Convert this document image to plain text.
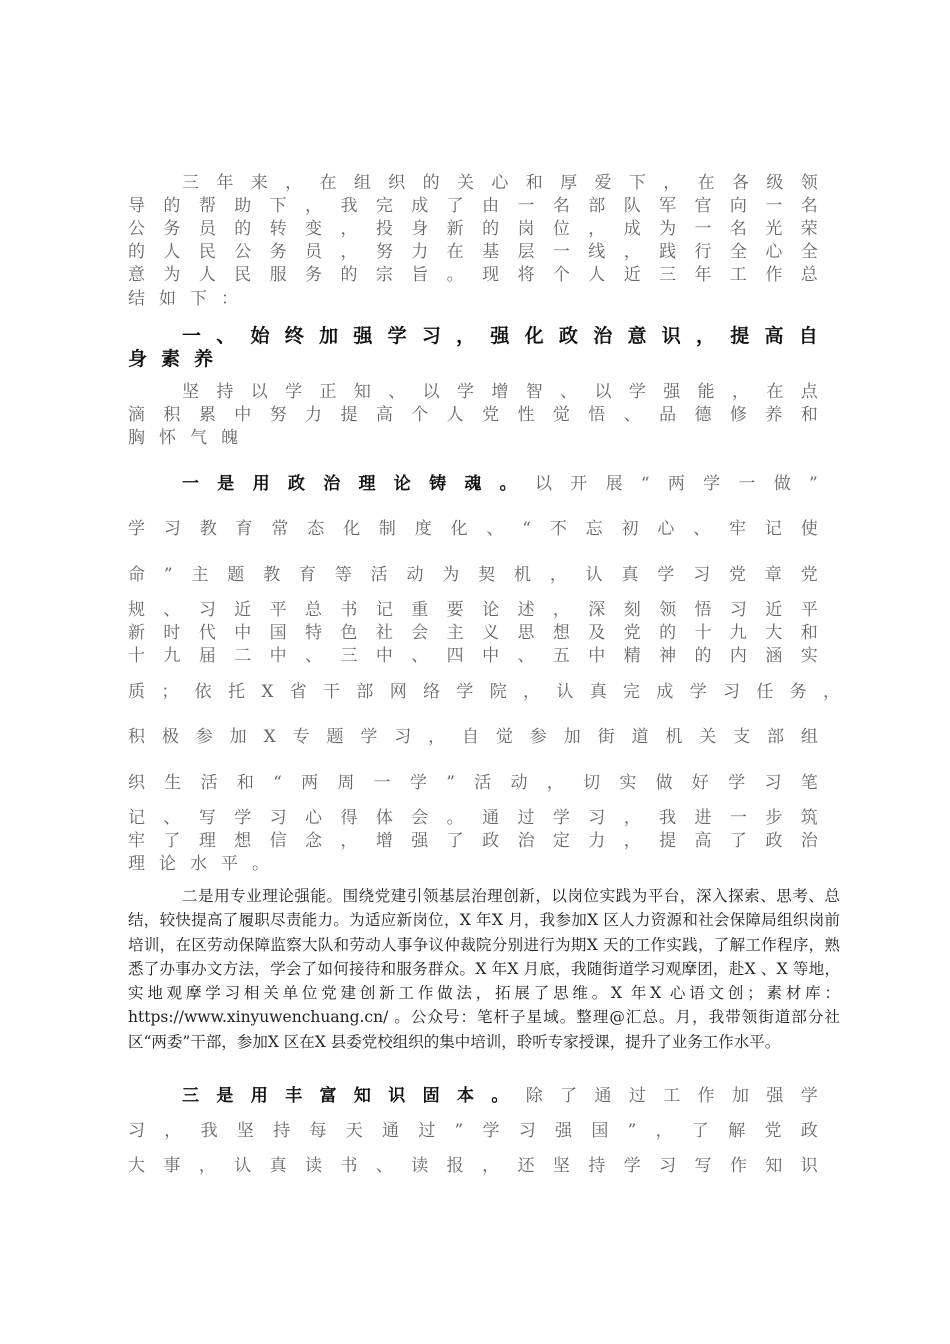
三 年 来 ， 在 组 织 的 关 心 和 厚 爱 下 ， 在 各 级 领
导 的 帮 助 下 ， 我 完 成 了 由 一 名 部 队 军 官 向 一 名
公 务 员 的 转 变 ， 投 身 新 的 岗 位 ， 成 为 一 名 光 荣
的 人 民 公 务 员 ， 努 力 在 基 层 一 线 ， 践 行 全 心 全
意 为 人 民 服 务 的 宗 旨 。 现 将 个 人 近 三 年 工 作 总
结 如 下 ：
一 、 始 终 加 强 学 习 ， 强 化 政 治 意 识 ， 提 高 自
身 素 养
坚 持 以 学 正 知 、 以 学 增 智 、 以 学 强 能 ， 在 点
滴 积 累 中 努 力 提 高 个 人 党 性 觉 悟 、 品 德 修 养 和
胸 怀 气 魄
一 是 用 政 治 理 论 铸 魂 。 以 开 展 “ 两 学 一 做 ”
学 习 教 育 常 态 化 制 度 化 、 “ 不 忘 初 心 、 牢 记 使
命 ” 主 题 教 育 等 活 动 为 契 机 ， 认 真 学 习 党 章 党
规 、 习 近 平 总 书 记 重 要 论 述 ， 深 刻 领 悟 习 近 平
新 时 代 中 国 特 色 社 会 主 义 思 想 及 党 的 十 九 大 和
十 九 届 二 中 、 三 中 、 四 中 、 五 中 精 神 的 内 涵 实
质 ； 依 托 X 省 干 部 网 络 学 院 ， 认 真 完 成 学 习 任 务 ，
积 极 参 加 X 专 题 学 习 ， 自 觉 参 加 街 道 机 关 支 部 组
织 生 活 和 “ 两 周 一 学 ” 活 动 ， 切 实 做 好 学 习 笔
记 、 写 学 习 心 得 体 会 。 通 过 学 习 ， 我 进 一 步 筑
牢 了 理 想 信 念 ， 增 强 了 政 治 定 力 ， 提 高 了 政 治
理 论 水 平 。

二是用专业理论强能。围绕党建引领基层治理创新，以岗位实践为平台，深入探索、思考、总结，较快提高了履职尽责能力。为适应新岗位，X 年X 月，我参加X 区人力资源和社会保障局组织岗前培训，在区劳动保障监察大队和劳动人事争议仲裁院分别进行为期X 天的工作实践，了解工作程序，熟悉了办事办文方法，学会了如何接待和服务群众。X 年X 月底，我随街道学习观摩团，赴X 、X 等地，实地观摩学习相关单位党建创新工作做法，拓展了思维。X 年X 心语文创；素材库：https://www.xinyuwenchuang.cn/ 。公众号：笔杆子星域。整理@汇总。月，我带领街道部分社区“两委”干部，参加X 区在X 县委党校组织的集中培训，聆听专家授课，提升了业务工作水平。

三 是 用 丰 富 知 识 固 本 。 除 了 通 过 工 作 加 强 学
习 ， 我 坚 持 每 天 通 过 ” 学 习 强 国 ” ， 了 解 党 政
大 事 ， 认 真 读 书 、 读 报 ， 还 坚 持 学 习 写 作 知 识
